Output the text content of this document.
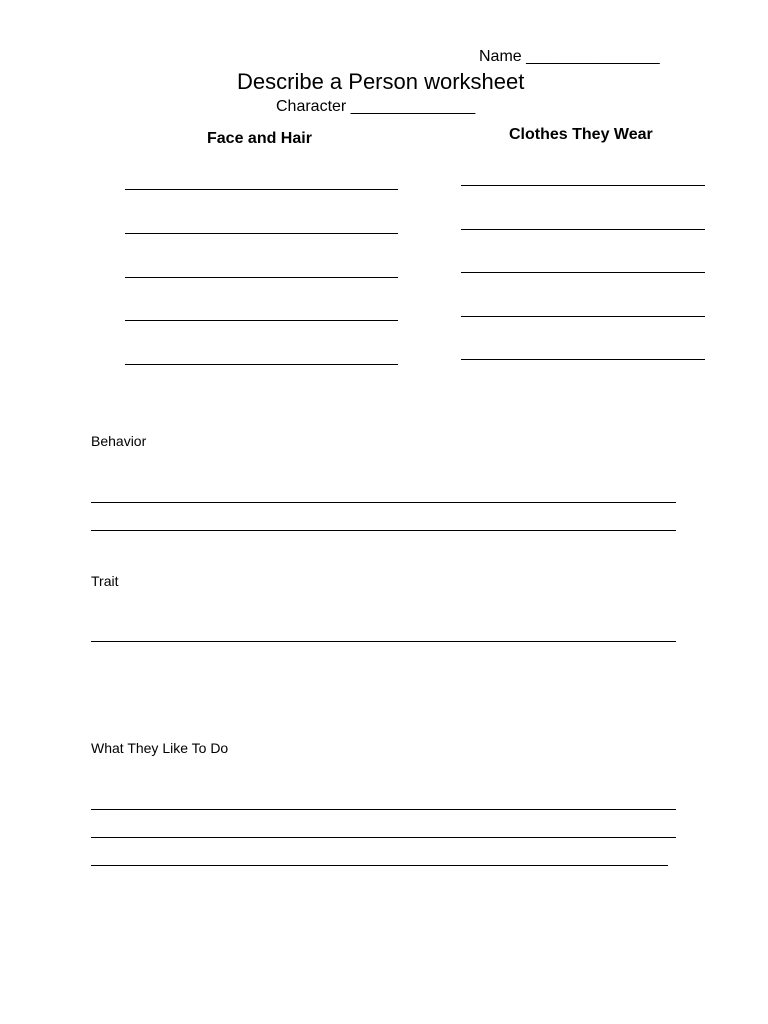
Name _______________
Describe a Person worksheet
Character ______________
Face and Hair	Clothes They Wear
Behavior
Trait
What They Like To Do
